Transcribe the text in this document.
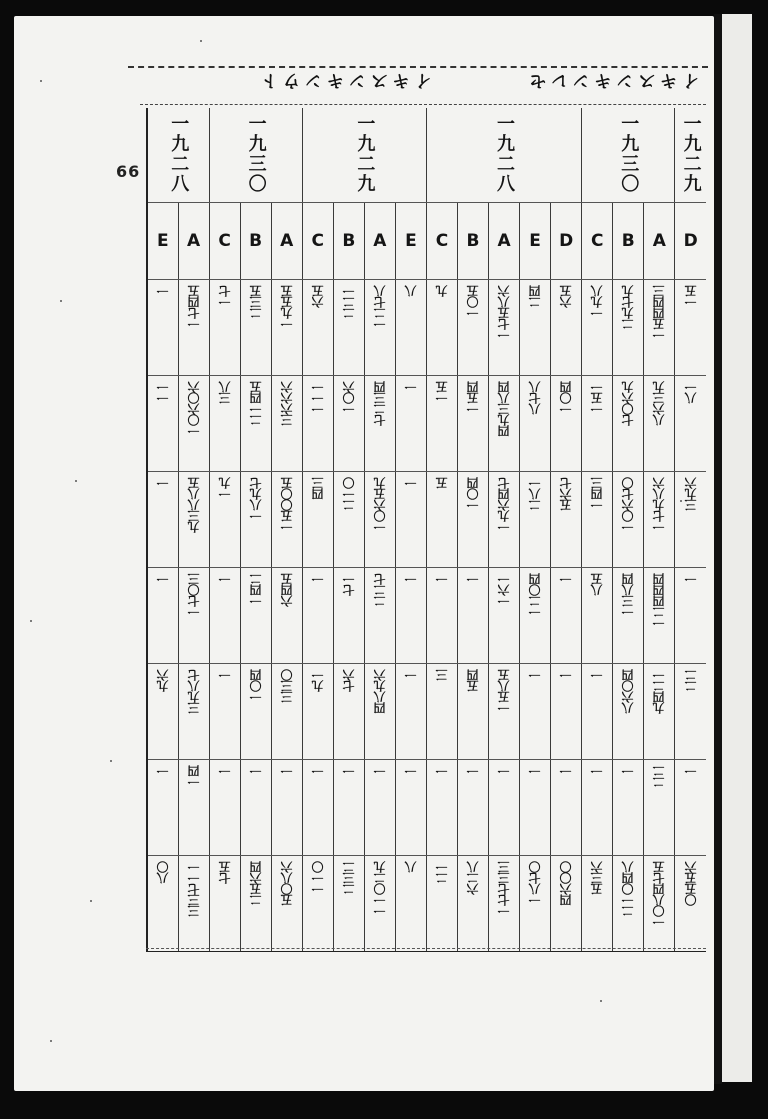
66
イキスンキンウト	イキスンキンレセ
一九二八		一九三〇			一九二九				一九二八					一九三〇			一九二九
E	A	C	B	A	C	B	A	E	C	B	A	E	D	C	B	A	D
一	一七四五	一七	二三五	一九五五	六五	二二一	一二七八	八	九	一〇五	一七五八六	二四	六五	一九八	二九七九	一五四四三	一五
一一	一〇六〇六	三八	二一四五	三六六六	一一一	一〇六	七二三四	一	一五	一五四	四九三八四	八七八	一〇四	一五一	七〇六九	八六三九	八一
一	九三八八五	一九	一八九七	一五〇〇五	四三	二一〇	一〇六五九	一	五	一〇四	一九六四七	二八一	五六七	一四三	一〇六七〇	一七九八六	三九六
一	一七〇三	一	一四二	六四五	一	七一	二二七	一	一	一	一六一	一二〇四	一	八五	一三八四	一二四四四	一
九六	三九八七	一	一〇四	三三〇	九一	七六	四八九六	一	三	五四	一五八五	一	一	一	八六〇四	九四二一	二二
一	一四	一	一	一	一	一	一	一	一	一	一	一	一	一	一	二二	一
八〇	三三七一一	七五	二五六四	五〇八六	一一〇	二三二	一一〇二九	八	二一	六二八	一七七三三	一八七〇	四六〇〇	五三六	二一〇四八	一〇八四七五	〇五五六
